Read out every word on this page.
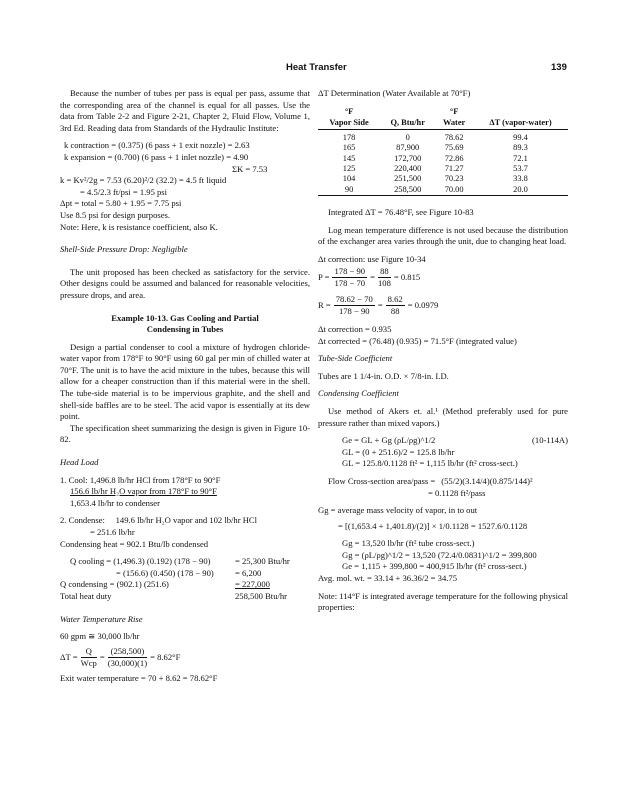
Heat Transfer	139

Because the number of tubes per pass is equal per pass, assume that the corresponding area of the channel is equal for all passes. Use the data from Table 2-2 and Figure 2-21, Chapter 2, Fluid Flow, Volume 1, 3rd Ed. Reading data from Standards of the Hydraulic Institute:

k contraction = (0.375) (6 pass + 1 exit nozzle) = 2.63
k expansion = (0.700) (6 pass + 1 inlet nozzle) = 4.90
ΣK = 7.53
k = Kv²/2g = 7.53 (6.20)²/2 (32.2) = 4.5 ft liquid
= 4.5/2.3 ft/psi = 1.95 psi
Δpt = total = 5.80 + 1.95 = 7.75 psi
Use 8.5 psi for design purposes.
Note: Here, k is resistance coefficient, also K.
Shell-Side Pressure Drop: Negligible

The unit proposed has been checked as satisfactory for the service. Other designs could be assumed and balanced for reasonable velocities, pressure drops, and area.

Example 10-13. Gas Cooling and Partial
Condensing in Tubes

Design a partial condenser to cool a mixture of hydrogen chloride-water vapor from 178°F to 90°F using 60 gal per min of chilled water at 70°F. The unit is to have the acid mixture in the tubes, because this will allow for a cheaper construction than if this material were in the shell. The tube-side material is to be impervious graphite, and the shell and shell-side baffles are to be steel. The acid vapor is essentially at its dew point.

The specification sheet summarizing the design is given in Figure 10-82.

Head Load
1. Cool: 1,496.8 lb/hr HCl from 178°F to 90°F
156.6 lb/hr H₂O vapor from 178°F to 90°F
1,653.4 lb/hr to condenser
2. Condense:     149.6 lb/hr H₂O vapor and 102 lb/hr HCl
= 251.6 lb/hr
Condensing heat = 902.1 Btu/lb condensed
Q cooling = (1,496.3) (0.192) (178 − 90)	= 25,300 Btu/hr
= (156.6) (0.450) (178 − 90)	= 6,200
Q condensing = (902.1) (251.6)	= 227,000
Total heat duty	258,500 Btu/hr
Water Temperature Rise
60 gpm ≅ 30,000 lb/hr
$\Delta T = \frac{Q}{\text{Wcp}} = \frac{(258,500)}{(30,000)(1)} = 8.62^\circ F$
Exit water temperature = 70 + 8.62 = 78.62°F
ΔT Determination (Water Available at 70°F)
°F		°F	
Vapor Side	Q, Btu/hr	Water	ΔT (vapor-water)

178	0	78.62	99.4
165	87,900	75.69	89.3
145	172,700	72.86	72.1
125	220,400	71.27	53.7
104	251,500	70.23	33.8
90	258,500	70.00	20.0
Integrated ΔT = 76.48°F, see Figure 10-83

Log mean temperature difference is not used because the distribution of the exchanger area varies through the unit, due to changing heat load.

Δt correction: use Figure 10-34
$P = \frac{178 - 90}{178 - 70} = \frac{88}{108} = 0.815$
$R = \frac{78.62 - 70}{178 - 90} = \frac{8.62}{88} = 0.0979$
Δt correction = 0.935
Δt corrected = (76.48) (0.935) = 71.5°F (integrated value)
Tube-Side Coefficient
Tubes are 1 1/4-in. O.D. × 7/8-in. I.D.
Condensing Coefficient

Use method of Akers et. al.¹ (Method preferably used for pure pressure rather than mixed vapors.)

Ge = GL + Gg (ρL/ρg)^1/2	(10-114A)
GL = (0 + 251.6)/2 = 125.8 lb/hr
GL = 125.8/0.1128 ft² = 1,115 lb/hr (ft² cross-sect.)
Flow Cross-section area/pass = (55/2)(3.14/4)(0.875/144)²
= 0.1128 ft²/pass
Gg = average mass velocity of vapor, in to out
= [(1,653.4 + 1,401.8)/(2)] × 1/0.1128 = 1527.6/0.1128
Gg = 13,520 lb/hr (ft² tube cross-sect.)
Gg = (ρL/ρg)^1/2 = 13,520 (72.4/0.0831)^1/2 = 399,800
Ge = 1,115 + 399,800 = 400,915 lb/hr (ft² cross-sect.)
Avg. mol. wt. = 33.14 + 36.36/2 = 34.75

Note: 114°F is integrated average temperature for the following physical properties:
